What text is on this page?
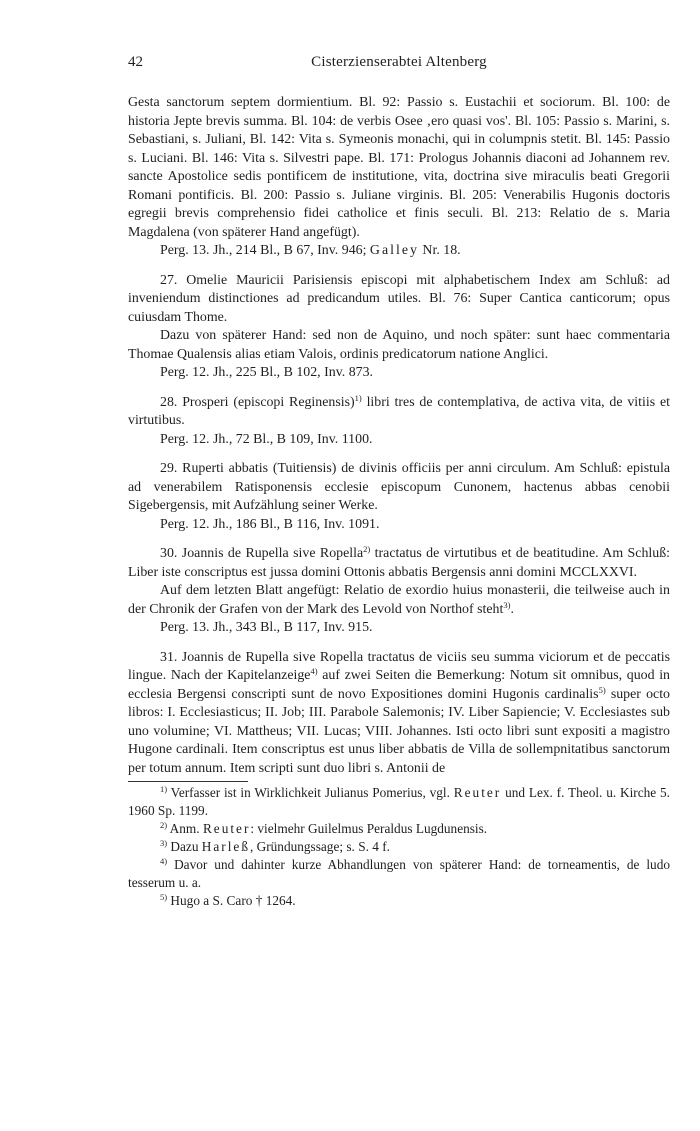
42	Cisterzienserabtei Altenberg

Gesta sanctorum septem dormientium. Bl. 92: Passio s. Eustachii et sociorum. Bl. 100: de historia Jepte brevis summa. Bl. 104: de verbis Osee ‚ero quasi vos'. Bl. 105: Passio s. Marini, s. Sebastiani, s. Juliani, Bl. 142: Vita s. Symeonis monachi, qui in columpnis stetit. Bl. 145: Passio s. Luciani. Bl. 146: Vita s. Silvestri pape. Bl. 171: Prologus Johannis diaconi ad Johannem rev. sancte Apostolice sedis pontificem de institutione, vita, doctrina sive miraculis beati Gregorii Romani pontificis. Bl. 200: Passio s. Juliane virginis. Bl. 205: Venerabilis Hugonis doctoris egregii brevis comprehensio fidei catholice et finis seculi. Bl. 213: Relatio de s. Maria Magdalena (von späterer Hand angefügt).

Perg. 13. Jh., 214 Bl., B 67, Inv. 946; Galley Nr. 18.

27. Omelie Mauricii Parisiensis episcopi mit alphabetischem Index am Schluß: ad inveniendum distinctiones ad predicandum utiles. Bl. 76: Super Cantica canticorum; opus cuiusdam Thome.

Dazu von späterer Hand: sed non de Aquino, und noch später: sunt haec commentaria Thomae Qualensis alias etiam Valois, ordinis predicatorum natione Anglici.

Perg. 12. Jh., 225 Bl., B 102, Inv. 873.

28. Prosperi (episcopi Reginensis)$^{1)}$ libri tres de contemplativa, de activa vita, de vitiis et virtutibus.

Perg. 12. Jh., 72 Bl., B 109, Inv. 1100.

29. Ruperti abbatis (Tuitiensis) de divinis officiis per anni circulum. Am Schluß: epistula ad venerabilem Ratisponensis ecclesie episcopum Cunonem, hactenus abbas cenobii Sigebergensis, mit Aufzählung seiner Werke.

Perg. 12. Jh., 186 Bl., B 116, Inv. 1091.

30. Joannis de Rupella sive Ropella$^{2)}$ tractatus de virtutibus et de beatitudine. Am Schluß: Liber iste conscriptus est jussa domini Ottonis abbatis Bergensis anni domini MCCLXXVI.

Auf dem letzten Blatt angefügt: Relatio de exordio huius monasterii, die teilweise auch in der Chronik der Grafen von der Mark des Levold von Northof steht$^{3)}$.

Perg. 13. Jh., 343 Bl., B 117, Inv. 915.

31. Joannis de Rupella sive Ropella tractatus de viciis seu summa viciorum et de peccatis lingue. Nach der Kapitelanzeige$^{4)}$ auf zwei Seiten die Bemerkung: Notum sit omnibus, quod in ecclesia Bergensi conscripti sunt de novo Expositiones domini Hugonis cardinalis$^{5)}$ super octo libros: I. Ecclesiasticus; II. Job; III. Parabole Salemonis; IV. Liber Sapiencie; V. Ecclesiastes sub uno volumine; VI. Mattheus; VII. Lucas; VIII. Johannes. Isti octo libri sunt expositi a magistro Hugone cardinali. Item conscriptus est unus liber abbatis de Villa de sollempnitatibus sanctorum per totum annum. Item scripti sunt duo libri s. Antonii de

$^{1)}$ Verfasser ist in Wirklichkeit Julianus Pomerius, vgl. Reuter und Lex. f. Theol. u. Kirche 5. 1960 Sp. 1199.

$^{2)}$ Anm. Reuter: vielmehr Guilelmus Peraldus Lugdunensis.

$^{3)}$ Dazu Harleß, Gründungssage; s. S. 4 f.

$^{4)}$ Davor und dahinter kurze Abhandlungen von späterer Hand: de torneamentis, de ludo tesserum u. a.

$^{5)}$ Hugo a S. Caro † 1264.
